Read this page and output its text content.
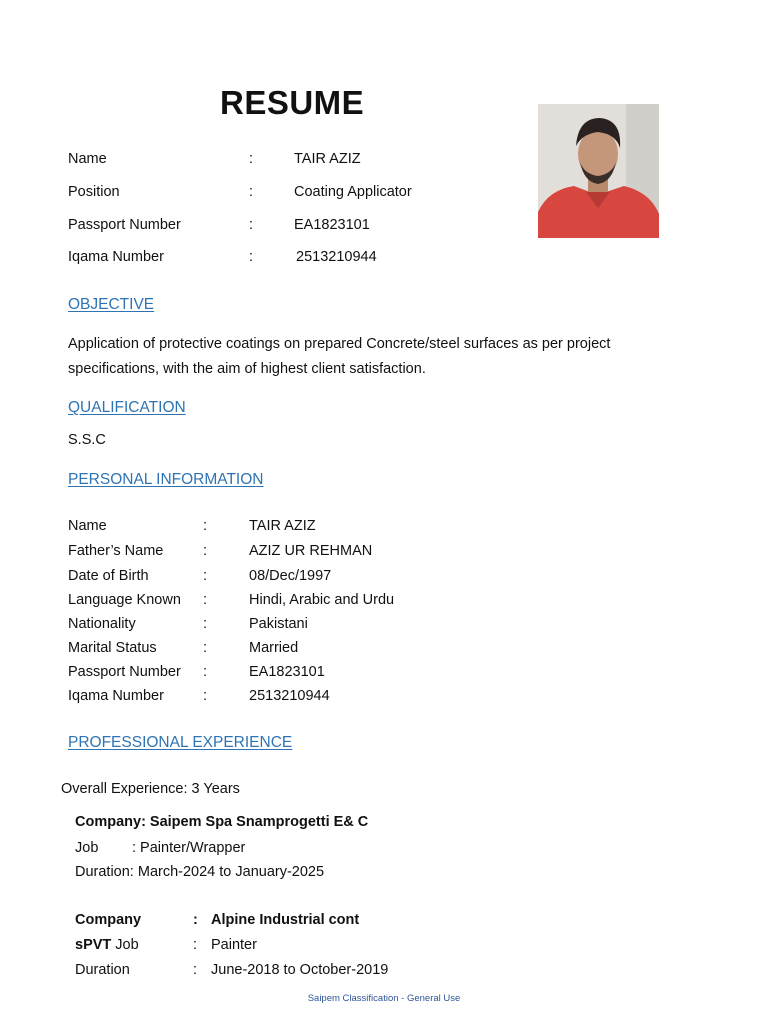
RESUME
Name	:	TAIR AZIZ
Position	:	Coating Applicator
Passport Number	:	EA1823101
Iqama Number	:	2513210944
OBJECTIVE
Application of protective coatings on prepared Concrete/steel surfaces as per project
specifications, with the aim of highest client satisfaction.
QUALIFICATION
S.S.C
PERSONAL INFORMATION
Name	:	TAIR AZIZ
Father’s Name	:	AZIZ UR REHMAN
Date of Birth	:	08/Dec/1997
Language Known :	Hindi, Arabic and Urdu
Nationality	:	Pakistani
Marital Status	:	Married
Passport Number :	EA1823101
Iqama Number	:	2513210944
PROFESSIONAL EXPERIENCE
Overall Experience: 3 Years
Company: Saipem Spa Snamprogetti E& C
Job : Painter/Wrapper
Duration: March-2024 to January-2025
Company	: Alpine Industrial cont
sPVT Job	: Painter
Duration	: June-2018 to October-2019
Saipem Classification - General Use
